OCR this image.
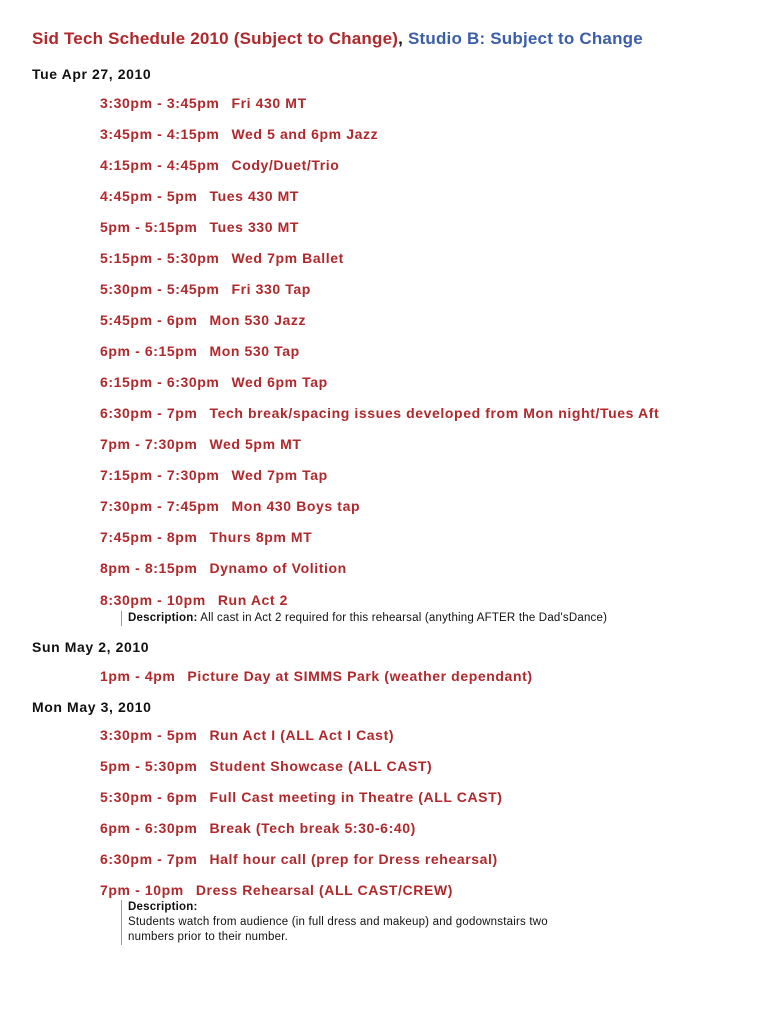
Sid Tech Schedule 2010 (Subject to Change), Studio B: Subject to Change
Tue Apr 27, 2010
3:30pm - 3:45pm Fri 430 MT
3:45pm - 4:15pm Wed 5 and 6pm Jazz
4:15pm - 4:45pm Cody/Duet/Trio
4:45pm - 5pm Tues 430 MT
5pm - 5:15pm Tues 330 MT
5:15pm - 5:30pm Wed 7pm Ballet
5:30pm - 5:45pm Fri 330 Tap
5:45pm - 6pm Mon 530 Jazz
6pm - 6:15pm Mon 530 Tap
6:15pm - 6:30pm Wed 6pm Tap
6:30pm - 7pm Tech break/spacing issues developed from Mon night/Tues Aft
7pm - 7:30pm Wed 5pm MT
7:15pm - 7:30pm Wed 7pm Tap
7:30pm - 7:45pm Mon 430 Boys tap
7:45pm - 8pm Thurs 8pm MT
8pm - 8:15pm Dynamo of Volition
8:30pm - 10pm Run Act 2
Description: All cast in Act 2 required for this rehearsal (anything AFTER the Dad'sDance)
Sun May 2, 2010
1pm - 4pm Picture Day at SIMMS Park (weather dependant)
Mon May 3, 2010
3:30pm - 5pm Run Act I (ALL Act I Cast)
5pm - 5:30pm Student Showcase (ALL CAST)
5:30pm - 6pm Full Cast meeting in Theatre (ALL CAST)
6pm - 6:30pm Break (Tech break 5:30-6:40)
6:30pm - 7pm Half hour call (prep for Dress rehearsal)
7pm - 10pm Dress Rehearsal (ALL CAST/CREW)
Description:
Students watch from audience (in full dress and makeup) and godownstairs two
numbers prior to their number.
